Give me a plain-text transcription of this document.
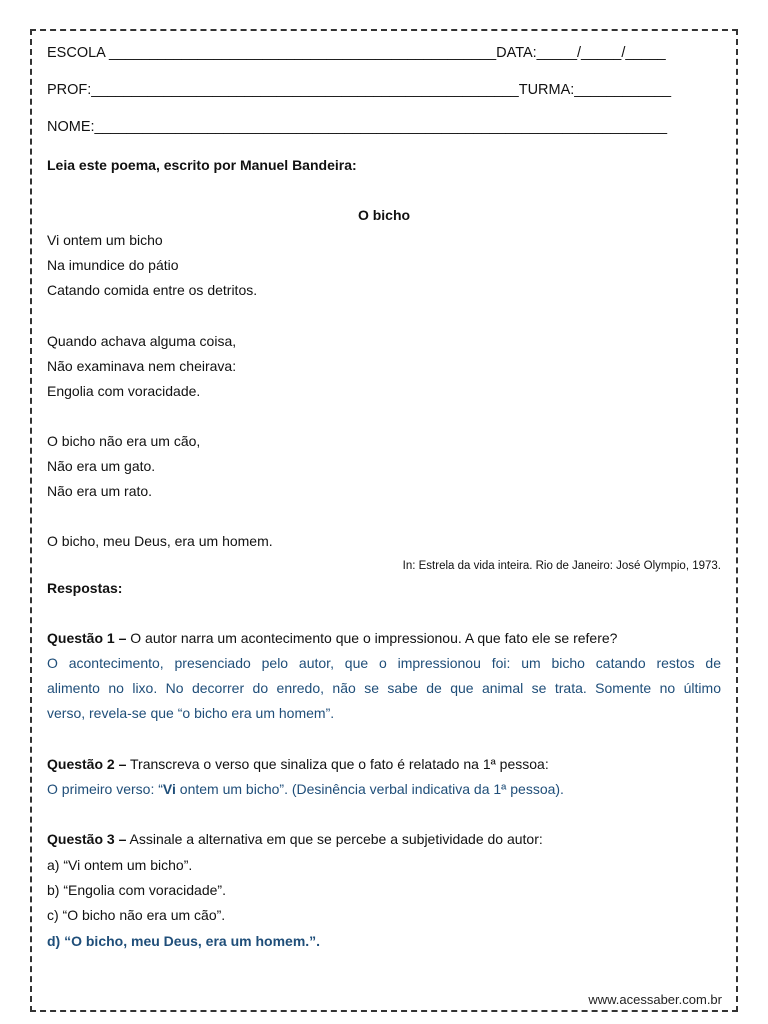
ESCOLA ________________________________________________DATA:_____/_____/_____
PROF:_____________________________________________________TURMA:____________
NOME:_______________________________________________________________________
Leia este poema, escrito por Manuel Bandeira:
O bicho
Vi ontem um bicho
Na imundice do pátio
Catando comida entre os detritos.
Quando achava alguma coisa,
Não examinava nem cheirava:
Engolia com voracidade.
O bicho não era um cão,
Não era um gato.
Não era um rato.
O bicho, meu Deus, era um homem.
In: Estrela da vida inteira. Rio de Janeiro: José Olympio, 1973.
Respostas:
Questão 1 – O autor narra um acontecimento que o impressionou. A que fato ele se refere?
O acontecimento, presenciado pelo autor, que o impressionou foi: um bicho catando restos de
alimento no lixo. No decorrer do enredo, não se sabe de que animal se trata. Somente no último
verso, revela-se que “o bicho era um homem”.
Questão 2 – Transcreva o verso que sinaliza que o fato é relatado na 1ª pessoa:
O primeiro verso: “Vi ontem um bicho”. (Desinência verbal indicativa da 1ª pessoa).
Questão 3 – Assinale a alternativa em que se percebe a subjetividade do autor:
a) “Vi ontem um bicho”.
b) “Engolia com voracidade”.
c) “O bicho não era um cão”.
d) “O bicho, meu Deus, era um homem.”.
www.acessaber.com.br
